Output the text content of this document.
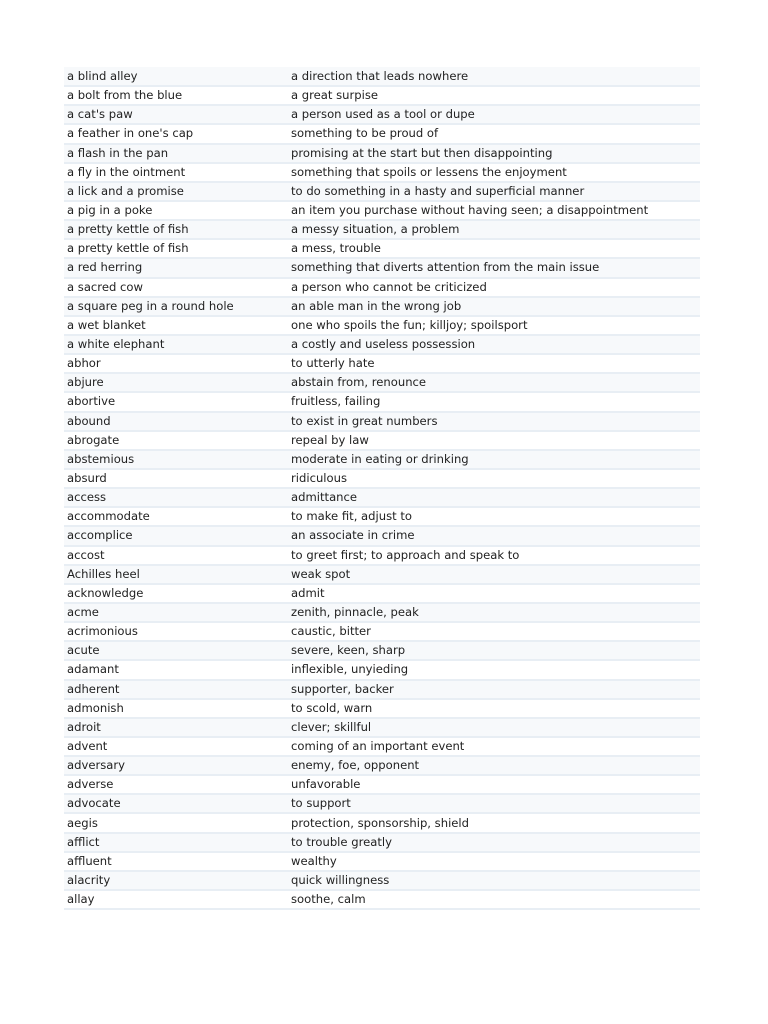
a blind alley	a direction that leads nowhere
a bolt from the blue	a great surpise
a cat's paw	a person used as a tool or dupe
a feather in one's cap	something to be proud of
a flash in the pan	promising at the start but then disappointing
a fly in the ointment	something that spoils or lessens the enjoyment
a lick and a promise	to do something in a hasty and superficial manner
a pig in a poke	an item you purchase without having seen; a disappointment
a pretty kettle of fish	a messy situation, a problem
a pretty kettle of fish	a mess, trouble
a red herring	something that diverts attention from the main issue
a sacred cow	a person who cannot be criticized
a square peg in a round hole	an able man in the wrong job
a wet blanket	one who spoils the fun; killjoy; spoilsport
a white elephant	a costly and useless possession
abhor	to utterly hate
abjure	abstain from, renounce
abortive	fruitless, failing
abound	to exist in great numbers
abrogate	repeal by law
abstemious	moderate in eating or drinking
absurd	ridiculous
access	admittance
accommodate	to make fit, adjust to
accomplice	an associate in crime
accost	to greet first; to approach and speak to
Achilles heel	weak spot
acknowledge	admit
acme	zenith, pinnacle, peak
acrimonious	caustic, bitter
acute	severe, keen, sharp
adamant	inflexible, unyieding
adherent	supporter, backer
admonish	to scold, warn
adroit	clever; skillful
advent	coming of an important event
adversary	enemy, foe, opponent
adverse	unfavorable
advocate	to support
aegis	protection, sponsorship, shield
afflict	to trouble greatly
affluent	wealthy
alacrity	quick willingness
allay	soothe, calm
